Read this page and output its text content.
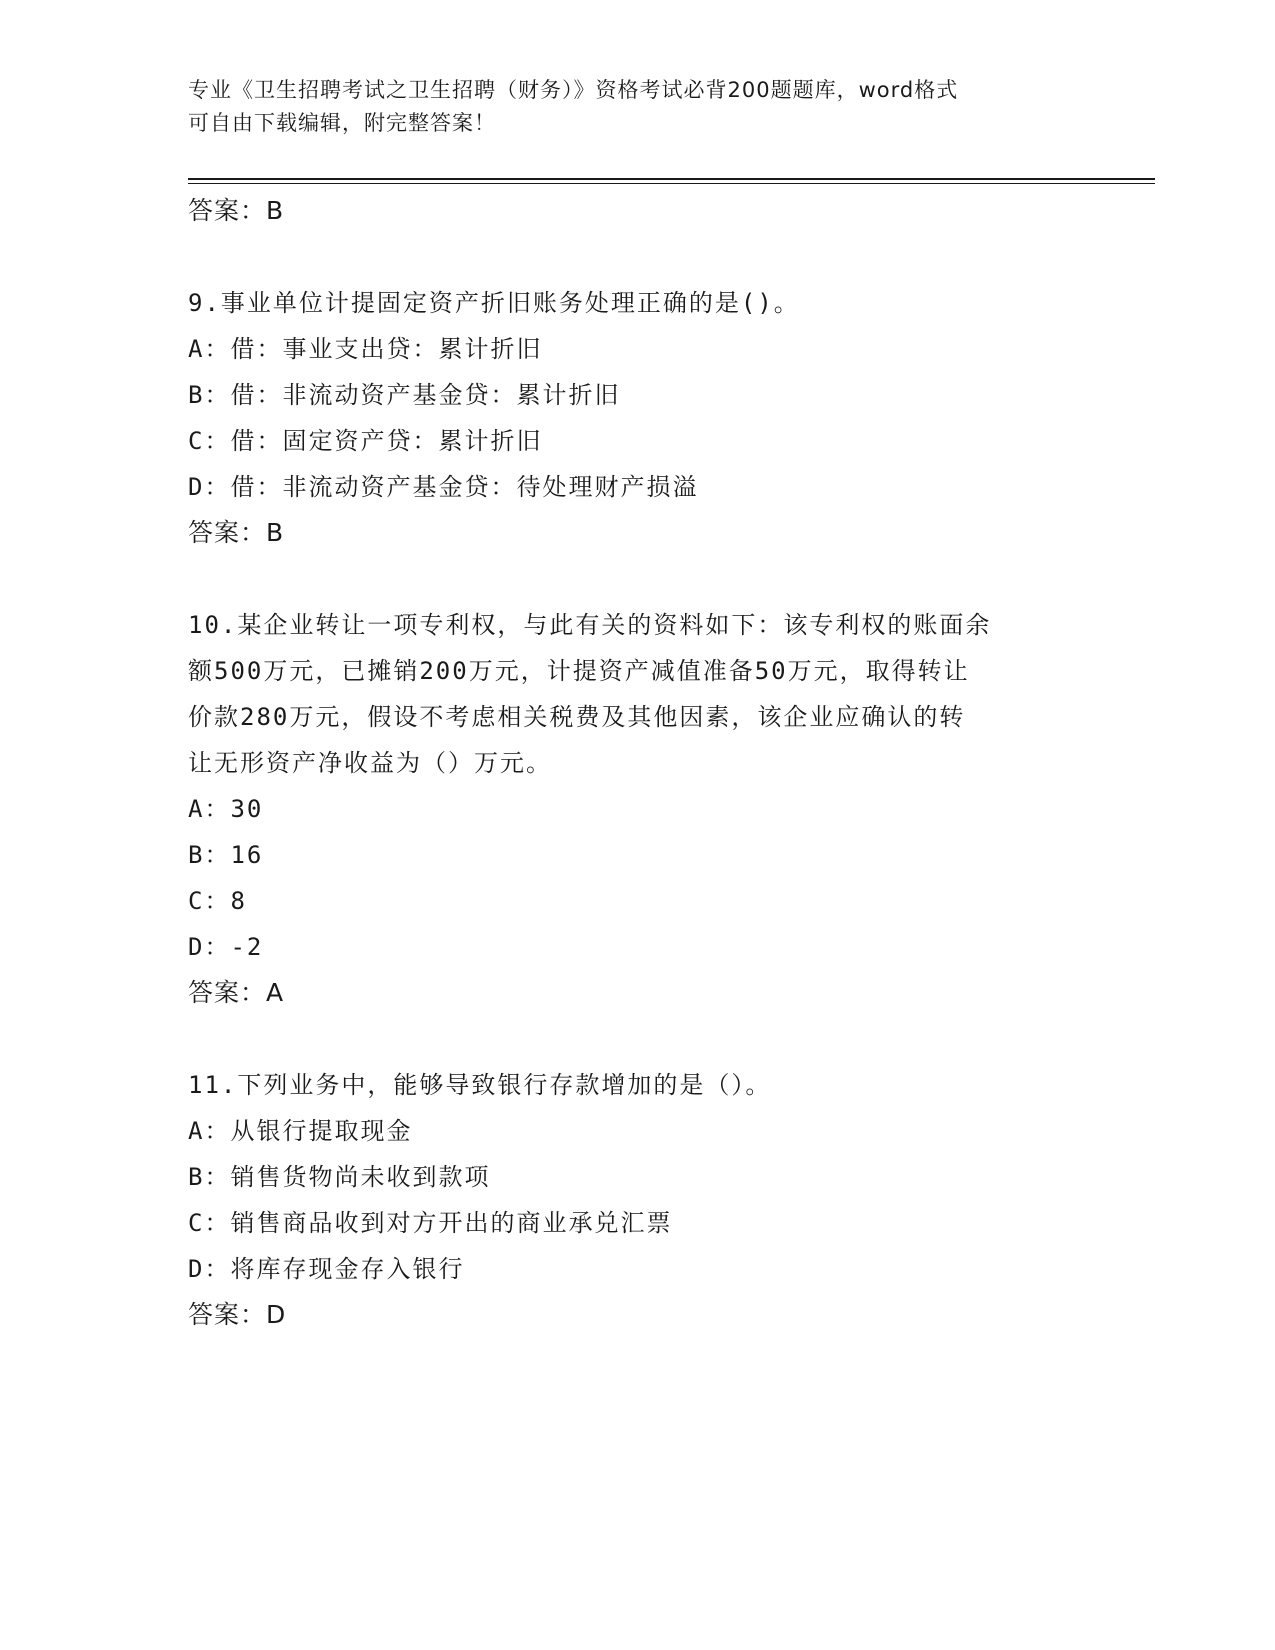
专业《卫生招聘考试之卫生招聘（财务）》资格考试必背200题题库，word格式
可自由下载编辑，附完整答案！
答案：B
9.事业单位计提固定资产折旧账务处理正确的是()。
A：借：事业支出贷：累计折旧
B：借：非流动资产基金贷：累计折旧
C：借：固定资产贷：累计折旧
D：借：非流动资产基金贷：待处理财产损溢
答案：B
10.某企业转让一项专利权，与此有关的资料如下：该专利权的账面余
额500万元，已摊销200万元，计提资产减值准备50万元，取得转让
价款280万元，假设不考虑相关税费及其他因素，该企业应确认的转
让无形资产净收益为（）万元。
A：30
B：16
C：8
D：-2
答案：A
11.下列业务中，能够导致银行存款增加的是（）。
A：从银行提取现金
B：销售货物尚未收到款项
C：销售商品收到对方开出的商业承兑汇票
D：将库存现金存入银行
答案：D
